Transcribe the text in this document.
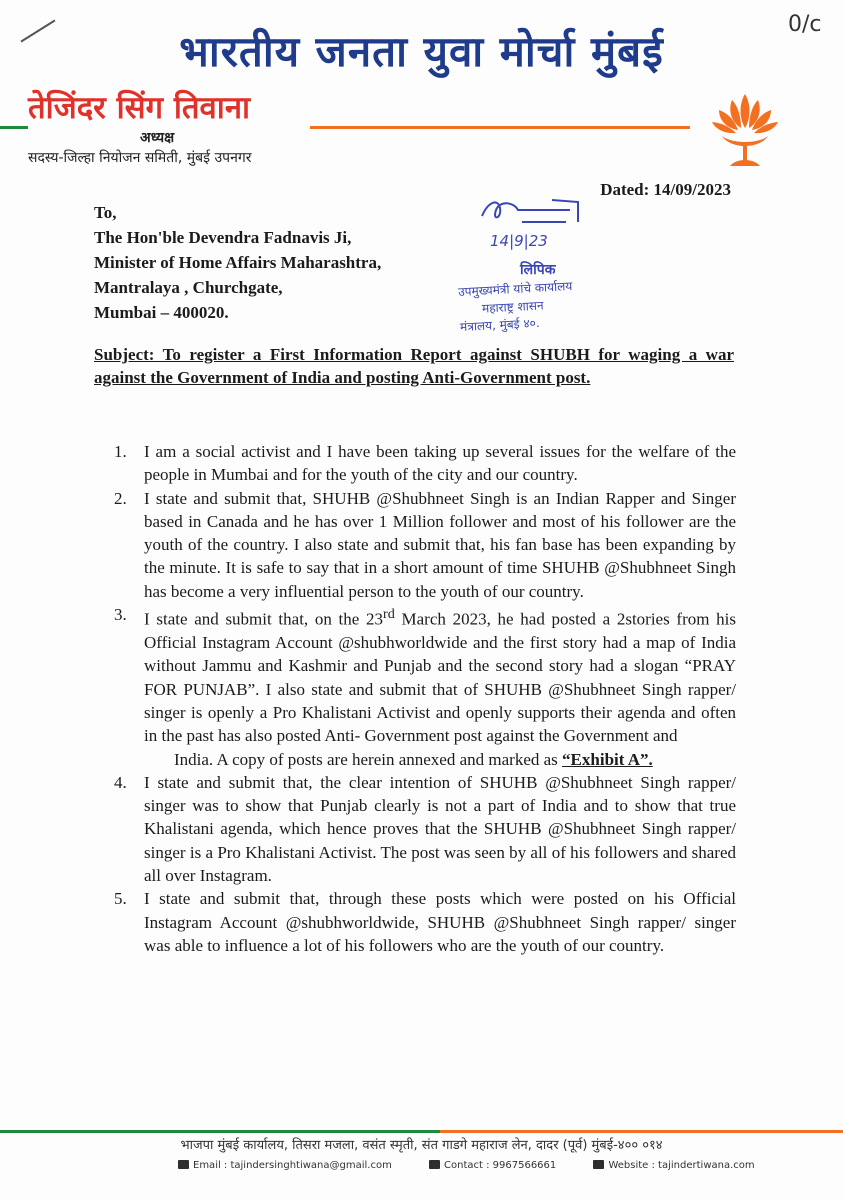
0/c
भारतीय जनता युवा मोर्चा मुंबई
तेजिंदर सिंग तिवाना
अध्यक्ष
सदस्य-जिल्हा नियोजन समिती, मुंबई उपनगर
Dated: 14/09/2023
To,
The Hon'ble Devendra Fadnavis Ji,
Minister of Home Affairs Maharashtra,
Mantralaya , Churchgate,
Mumbai – 400020.
14|9|23
लिपिक
उपमुख्यमंत्री यांचे कार्यालय
महाराष्ट्र शासन
मंत्रालय, मुंबई ४०.
Subject: To register a First Information Report against SHUBH for waging a war against the Government of India and posting Anti-Government post.
1. I am a social activist and I have been taking up several issues for the welfare of the people in Mumbai and for the youth of the city and our country.
2. I state and submit that, SHUHB @Shubhneet Singh is an Indian Rapper and Singer based in Canada and he has over 1 Million follower and most of his follower are the youth of the country. I also state and submit that, his fan base has been expanding by the minute. It is safe to say that in a short amount of time SHUHB @Shubhneet Singh has become a very influential person to the youth of our country.
3. I state and submit that, on the 23rd March 2023, he had posted a 2stories from his Official Instagram Account @shubhworldwide and the first story had a map of India without Jammu and Kashmir and Punjab and the second story had a slogan “PRAY FOR PUNJAB”. I also state and submit that of SHUHB @Shubhneet Singh rapper/ singer is openly a Pro Khalistani Activist and openly supports their agenda and often in the past has also posted Anti- Government post against the Government and
India. A copy of posts are herein annexed and marked as “Exhibit A”.
4. I state and submit that, the clear intention of SHUHB @Shubhneet Singh rapper/ singer was to show that Punjab clearly is not a part of India and to show that true Khalistani agenda, which hence proves that the SHUHB @Shubhneet Singh rapper/ singer is a Pro Khalistani Activist. The post was seen by all of his followers and shared all over Instagram.
5. I state and submit that, through these posts which were posted on his Official Instagram Account @shubhworldwide, SHUHB @Shubhneet Singh rapper/ singer was able to influence a lot of his followers who are the youth of our country.
भाजपा मुंबई कार्यालय, तिसरा मजला, वसंत स्मृती, संत गाडगे महाराज लेन, दादर (पूर्व) मुंबई-४०० ०१४
Email : tajindersinghtiwana@gmail.com	Contact : 9967566661	Website : tajindertiwana.com
